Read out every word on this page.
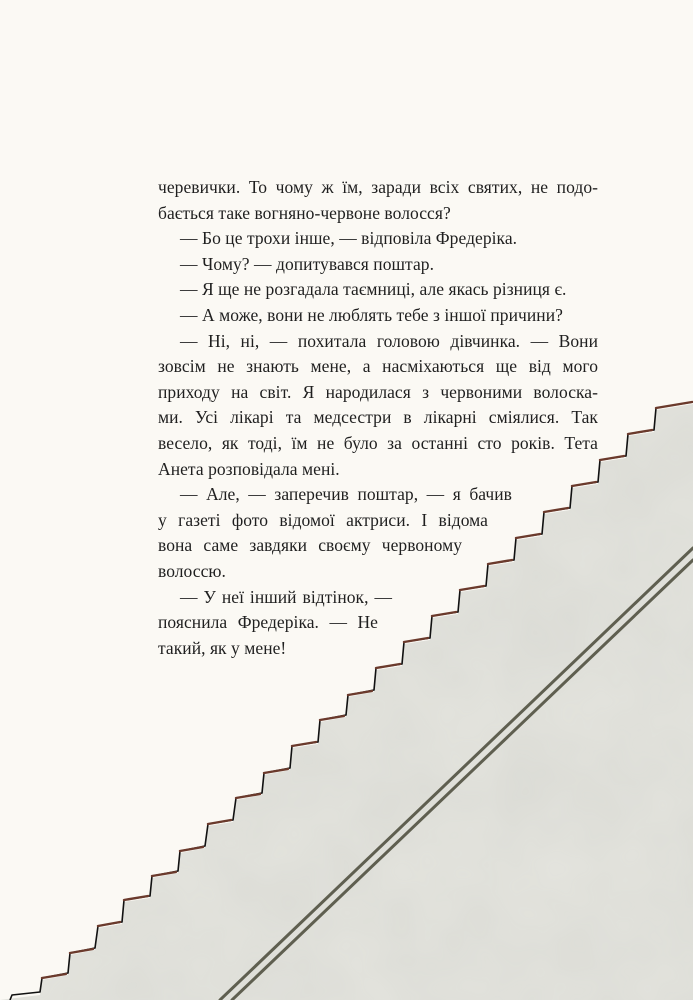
черевички. То чому ж їм, заради всіх святих, не подо-
бається таке вогняно-червоне волосся?
— Бо це трохи інше, — відповіла Фредеріка.
— Чому? — допитувався поштар.
— Я ще не розгадала таємниці, але якась різниця є.
— А може, вони не люблять тебе з іншої причини?
— Ні, ні, — похитала головою дівчинка. — Вони
зовсім не знають мене, а насміхаються ще від мого
приходу на світ. Я народилася з червоними волоска-
ми. Усі лікарі та медсестри в лікарні сміялися. Так
весело, як тоді, їм не було за останні сто років. Тета
Анета розповідала мені.
— Але, — заперечив поштар, — я бачив
у газеті фото відомої актриси. І відома
вона саме завдяки своєму червоному
волоссю.
— У неї інший відтінок, —
пояснила Фредеріка. — Не
такий, як у мене!
